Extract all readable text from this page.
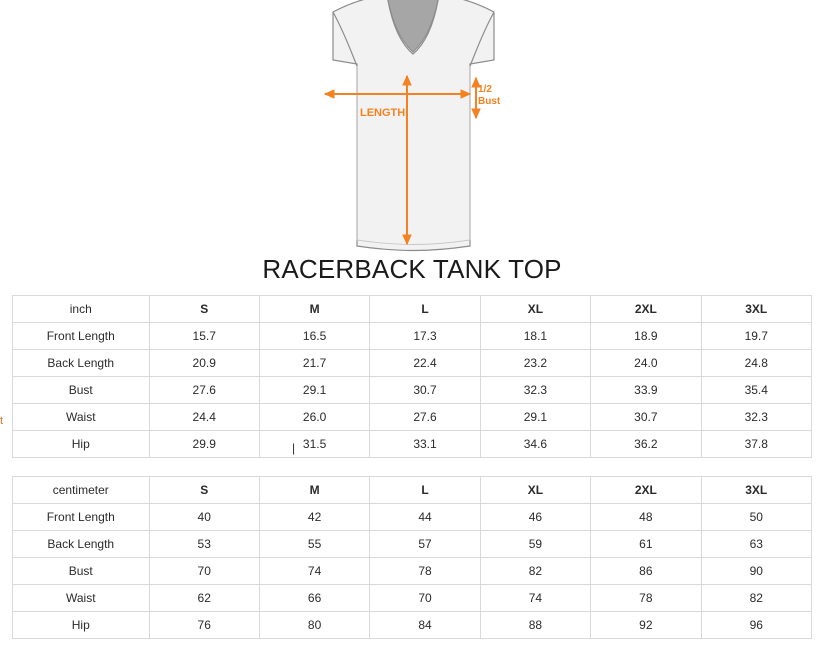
LENGTH
1/2
Bust
RACERBACK TANK TOP
inch	S	M	L	XL	2XL	3XL
Front Length	15.7	16.5	17.3	18.1	18.9	19.7
Back Length	20.9	21.7	22.4	23.2	24.0	24.8
Bust	27.6	29.1	30.7	32.3	33.9	35.4
Waist	24.4	26.0	27.6	29.1	30.7	32.3
Hip	29.9	31.5	33.1	34.6	36.2	37.8
centimeter	S	M	L	XL	2XL	3XL
Front Length	40	42	44	46	48	50
Back Length	53	55	57	59	61	63
Bust	70	74	78	82	86	90
Waist	62	66	70	74	78	82
Hip	76	80	84	88	92	96
t
|
